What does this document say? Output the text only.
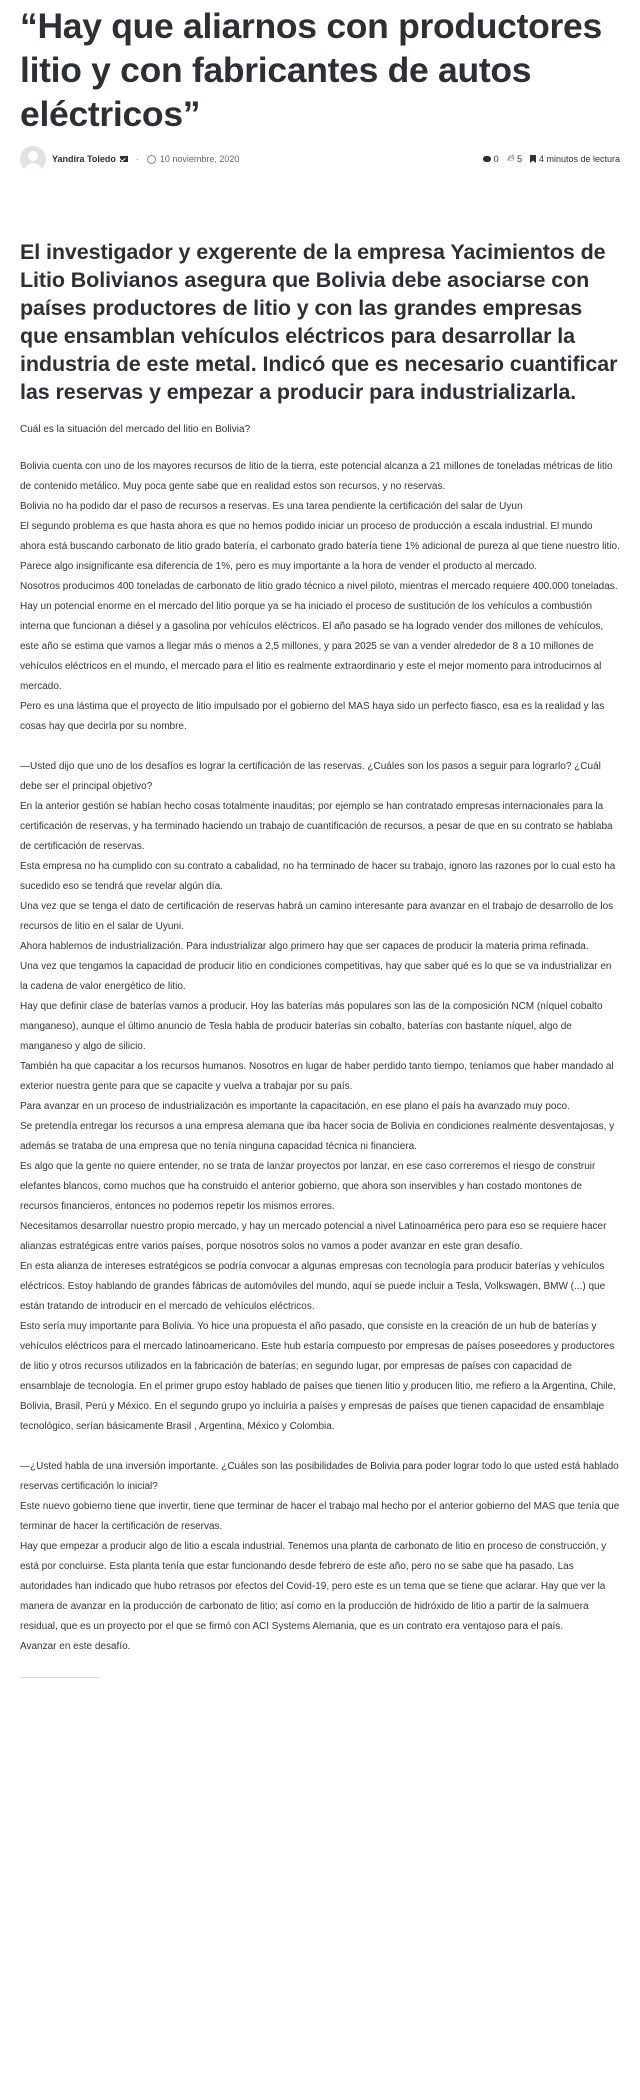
“Hay que aliarnos con productores litio y con fabricantes de autos eléctricos”
Yandira Toledo · 10 noviembre, 2020	0 🔥︎ 5 4 minutos de lectura
El investigador y exgerente de la empresa Yacimientos de Litio Bolivianos asegura que Bolivia debe asociarse con países productores de litio y con las grandes empresas que ensamblan vehículos eléctricos para desarrollar la industria de este metal. Indicó que es necesario cuantificar las reservas y empezar a producir para industrializarla.
Cuál es la situación del mercado del litio en Bolivia?

Bolivia cuenta con uno de los mayores recursos de litio de la tierra, este potencial alcanza a 21 millones de toneladas métricas de litio de contenido metálico. Muy poca gente sabe que en realidad estos son recursos, y no reservas.

Bolivia no ha podido dar el paso de recursos a reservas. Es una tarea pendiente la certificación del salar de Uyun

El segundo problema es que hasta ahora es que no hemos podido iniciar un proceso de producción a escala industrial. El mundo ahora está buscando carbonato de litio grado batería, el carbonato grado batería tiene 1% adicional de pureza al que tiene nuestro litio. Parece algo insignificante esa diferencia de 1%, pero es muy importante a la hora de vender el producto al mercado.

Nosotros producimos 400 toneladas de carbonato de litio grado técnico a nivel piloto, mientras el mercado requiere 400.000 toneladas.

Hay un potencial enorme en el mercado del litio porque ya se ha iniciado el proceso de sustitución de los vehículos a combustión interna que funcionan a diésel y a gasolina por vehículos eléctricos. El año pasado se ha logrado vender dos millones de vehículos, este año se estima que vamos a llegar más o menos a 2,5 millones, y para 2025 se van a vender alrededor de 8 a 10 millones de vehículos eléctricos en el mundo, el mercado para el litio es realmente extraordinario y este el mejor momento para introducirnos al mercado.

Pero es una lástima que el proyecto de litio impulsado por el gobierno del MAS haya sido un perfecto fiasco, esa es la realidad y las cosas hay que decirla por su nombre.

—Usted dijo que uno de los desafíos es lograr la certificación de las reservas. ¿Cuáles son los pasos a seguir para lograrlo? ¿Cuál debe ser el principal objetivo?

En la anterior gestión se habían hecho cosas totalmente inauditas; por ejemplo se han contratado empresas internacionales para la certificación de reservas, y ha terminado haciendo un trabajo de cuantificación de recursos, a pesar de que en su contrato se hablaba de certificación de reservas.

Esta empresa no ha cumplido con su contrato a cabalidad, no ha terminado de hacer su trabajo, ignoro las razones por lo cual esto ha sucedido eso se tendrá que revelar algún día.

Una vez que se tenga el dato de certificación de reservas habrá un camino interesante para avanzar en el trabajo de desarrollo de los recursos de litio en el salar de Uyuni.

Ahora hablemos de industrialización. Para industrializar algo primero hay que ser capaces de producir la materia prima refinada.

Una vez que tengamos la capacidad de producir litio en condiciones competitivas, hay que saber qué es lo que se va industrializar en la cadena de valor energético de litio.

Hay que definir clase de baterías vamos a producir. Hoy las baterías más populares son las de la composición NCM (níquel cobalto manganeso), aunque el último anuncio de Tesla habla de producir baterías sin cobalto, baterías con bastante níquel, algo de manganeso y algo de silicio.

También ha que capacitar a los recursos humanos. Nosotros en lugar de haber perdido tanto tiempo, teníamos que haber mandado al exterior nuestra gente para que se capacite y vuelva a trabajar por su país.

Para avanzar en un proceso de industrialización es importante la capacitación, en ese plano el país ha avanzado muy poco.

Se pretendía entregar los recursos a una empresa alemana que iba hacer socia de Bolivia en condiciones realmente desventajosas, y además se trataba de una empresa que no tenía ninguna capacidad técnica ni financiera.

Es algo que la gente no quiere entender, no se trata de lanzar proyectos por lanzar, en ese caso correremos el riesgo de construir elefantes blancos, como muchos que ha construido el anterior gobierno, que ahora son inservibles y han costado montones de recursos financieros, entonces no podemos repetir los mismos errores.

Necesitamos desarrollar nuestro propio mercado, y hay un mercado potencial a nivel Latinoamérica pero para eso se requiere hacer alianzas estratégicas entre varios países, porque nosotros solos no vamos a poder avanzar en este gran desafío.

En esta alianza de intereses estratégicos se podría convocar a algunas empresas con tecnología para producir baterías y vehículos eléctricos. Estoy hablando de grandes fábricas de automóviles del mundo, aquí se puede incluir a Tesla, Volkswagen, BMW (...) que están tratando de introducir en el mercado de vehículos eléctricos.

Esto sería muy importante para Bolivia. Yo hice una propuesta el año pasado, que consiste en la creación de un hub de baterías y vehículos eléctricos para el mercado latinoamericano. Este hub estaría compuesto por empresas de países poseedores y productores de litio y otros recursos utilizados en la fabricación de baterías; en segundo lugar, por empresas de países con capacidad de ensamblaje de tecnología. En el primer grupo estoy hablado de países que tienen litio y producen litio, me refiero a la Argentina, Chile, Bolivia, Brasil, Perú y México. En el segundo grupo yo incluiría a países y empresas de países que tienen capacidad de ensamblaje tecnológico, serían básicamente Brasil , Argentina, México y Colombia.

—¿Usted habla de una inversión importante. ¿Cuáles son las posibilidades de Bolivia para poder lograr todo lo que usted está hablado reservas certificación lo inicial?

Este nuevo gobierno tiene que invertir, tiene que terminar de hacer el trabajo mal hecho por el anterior gobierno del MAS que tenía que terminar de hacer la certificación de reservas.

Hay que empezar a producir algo de litio a escala industrial. Tenemos una planta de carbonato de litio en proceso de construcción, y está por concluirse. Esta planta tenía que estar funcionando desde febrero de este año, pero no se sabe que ha pasado. Las autoridades han indicado que hubo retrasos por efectos del Covid-19, pero este es un tema que se tiene que aclarar. Hay que ver la manera de avanzar en la producción de carbonato de litio; así como en la producción de hidróxido de litio a partir de la salmuera residual, que es un proyecto por el que se firmó con ACI Systems Alemania, que es un contrato era ventajoso para el país.

Avanzar en este desafío.
